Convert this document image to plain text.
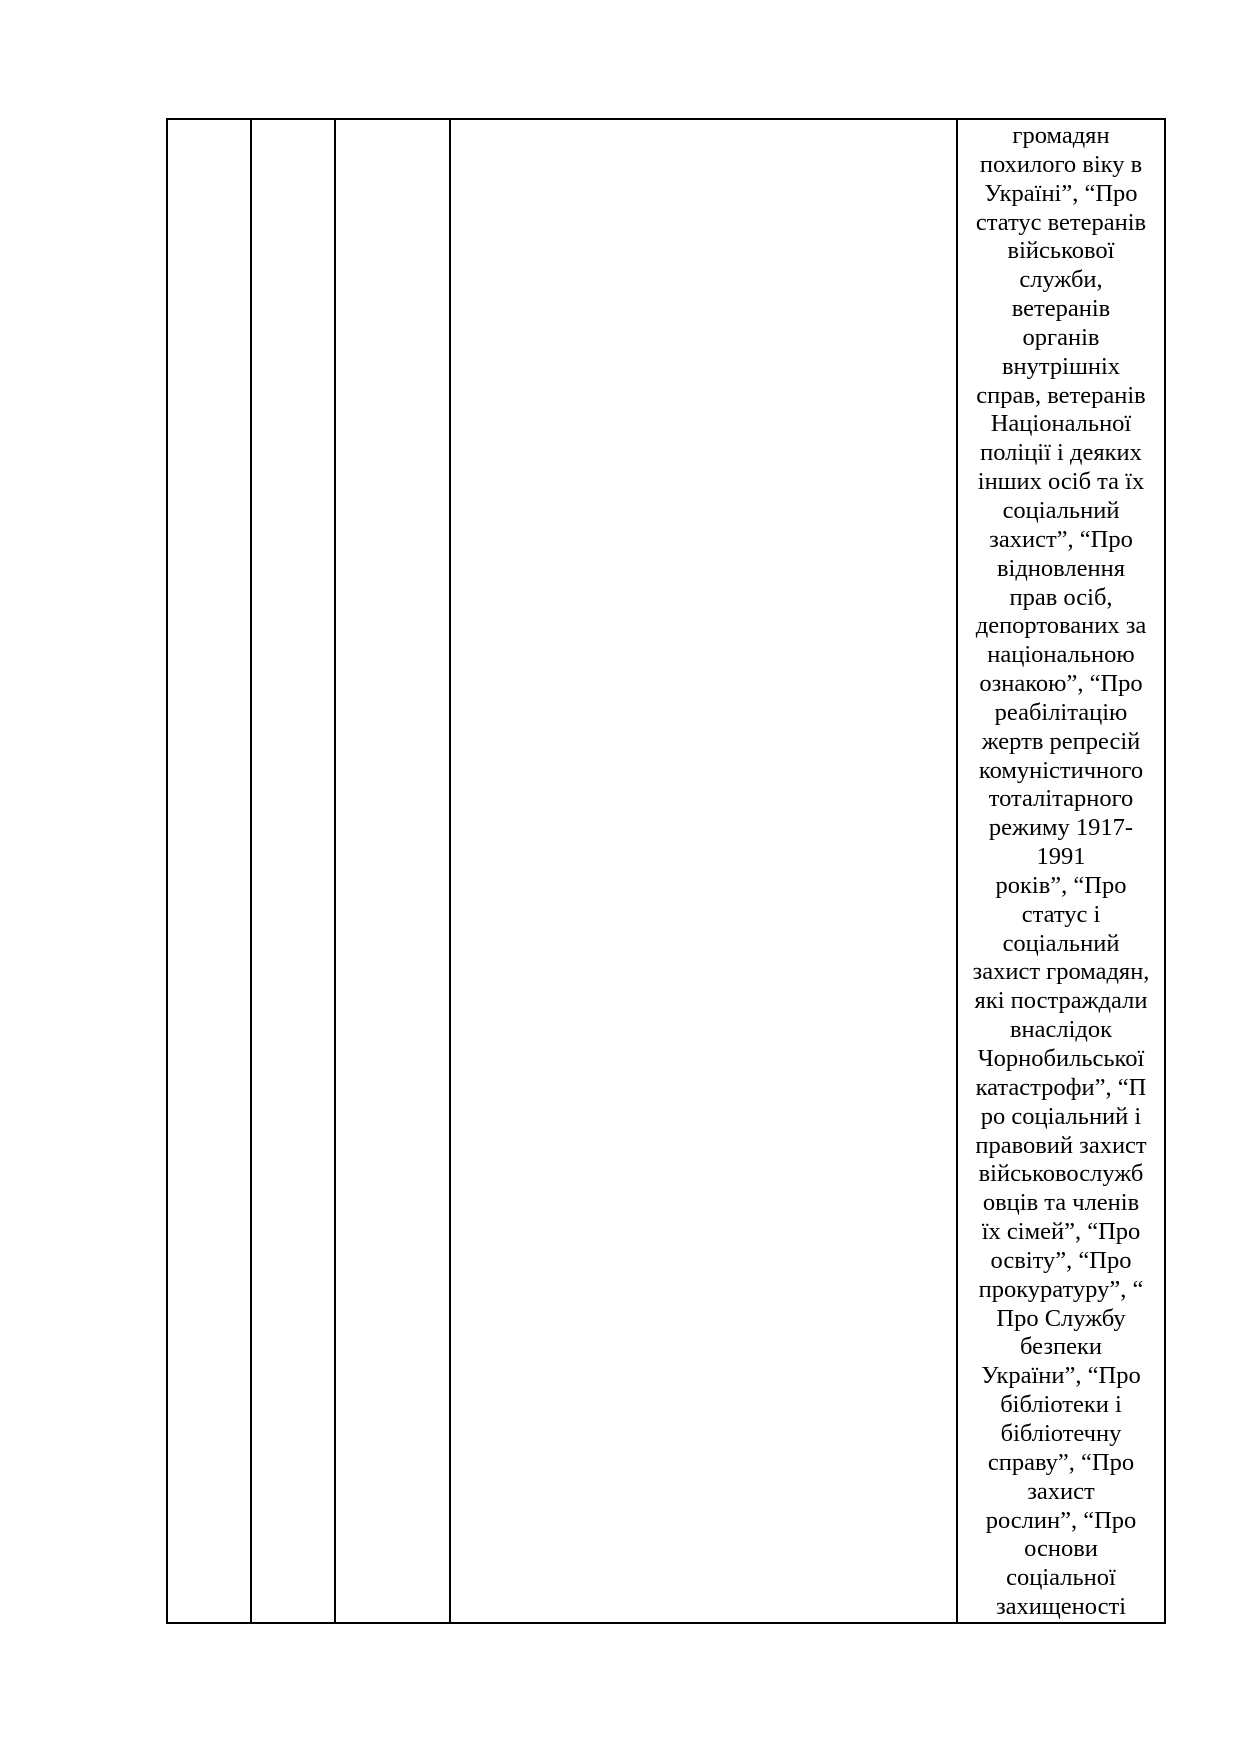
громадян
похилого віку в
Україні”, “Про
статус ветеранів
військової
служби,
ветеранів
органів
внутрішніх
справ, ветеранів
Національної
поліції і деяких
інших осіб та їх
соціальний
захист”, “Про
відновлення
прав осіб,
депортованих за
національною
ознакою”, “Про
реабілітацію
жертв репресій
комуністичного
тоталітарного
режиму 1917-
1991
років”, “Про
статус і
соціальний
захист громадян,
які постраждали
внаслідок
Чорнобильської
катастрофи”, “П
ро соціальний і
правовий захист
військовослужб
овців та членів
їх сімей”, “Про
освіту”, “Про
прокуратуру”, “
Про Службу
безпеки
України”, “Про
бібліотеки і
бібліотечну
справу”, “Про
захист
рослин”, “Про
основи
соціальної
захищеності
